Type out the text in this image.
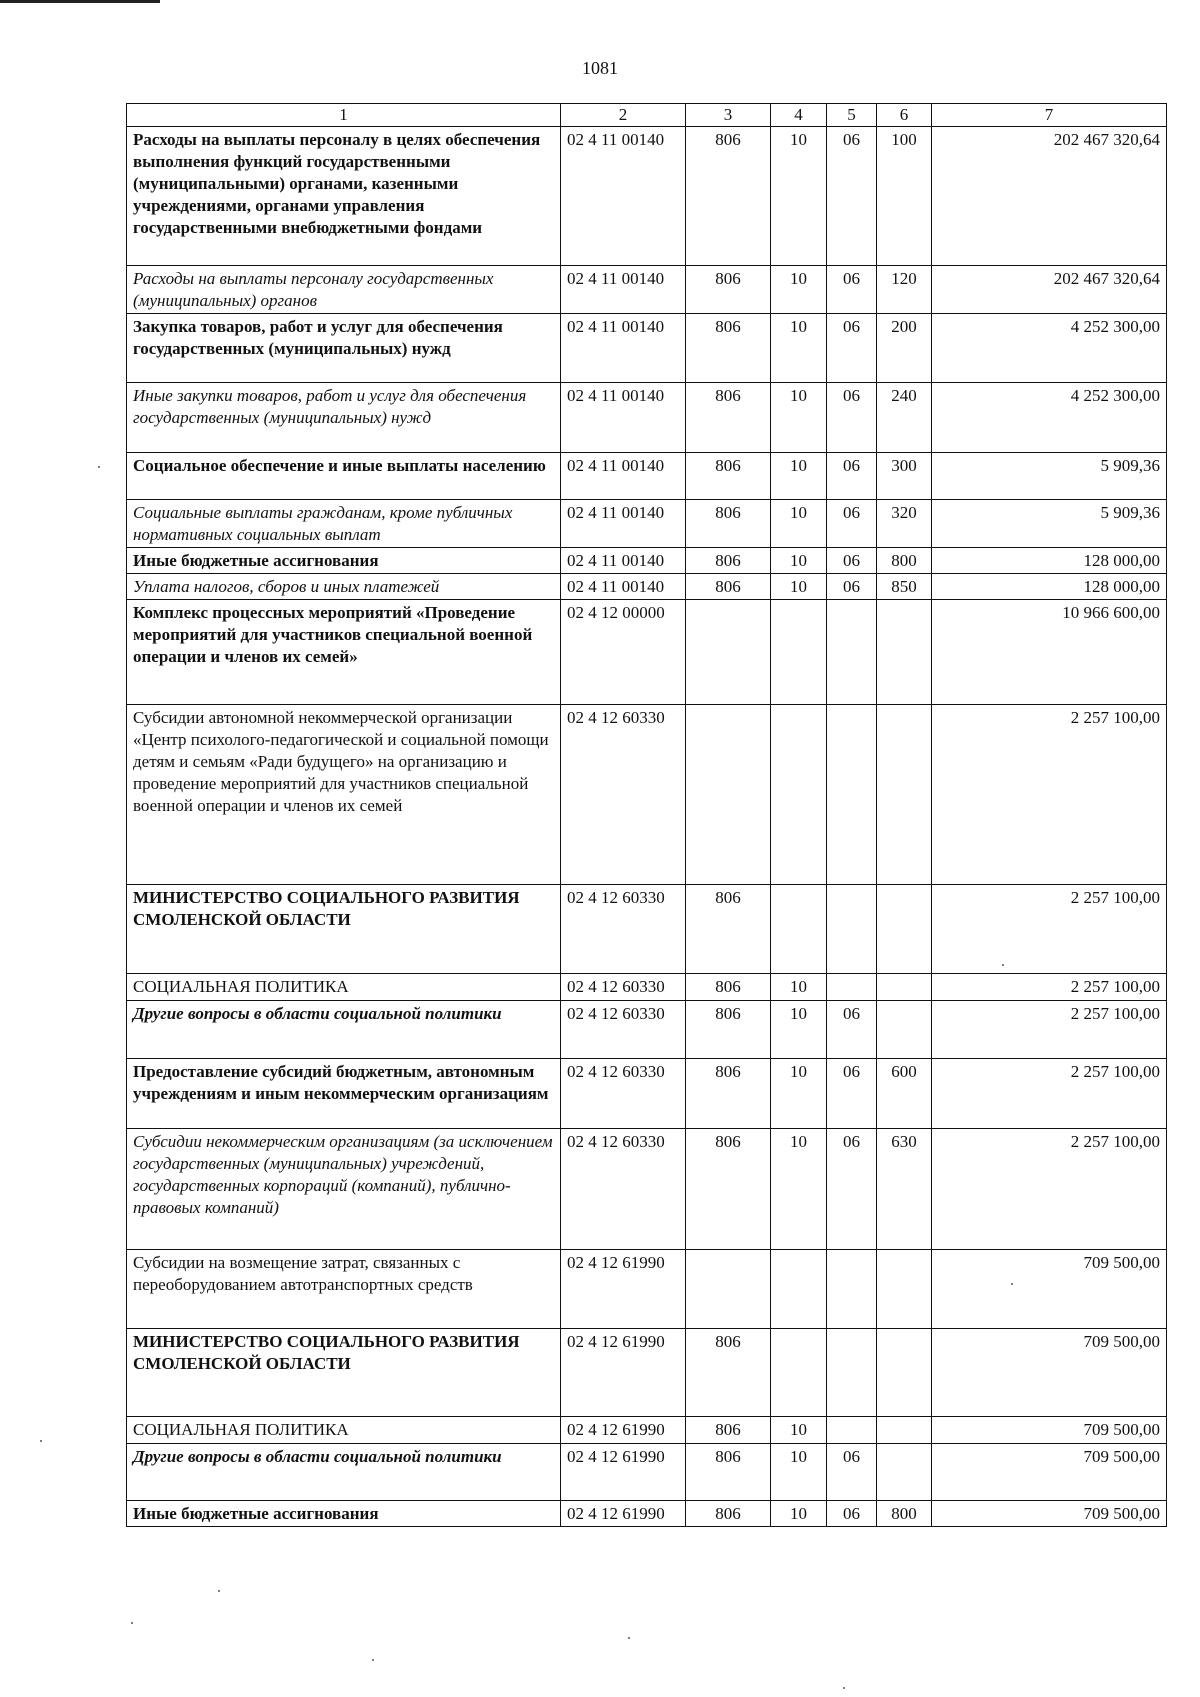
1081
1	2	3	4	5	6	7
Расходы на выплаты персоналу в целях обеспечения выполнения функций государственными (муниципальными) органами, казенными учреждениями, органами управления государственными внебюджетными фондами	02 4 11 00140	806	10	06	100	202 467 320,64
Расходы на выплаты персоналу государственных (муниципальных) органов	02 4 11 00140	806	10	06	120	202 467 320,64
Закупка товаров, работ и услуг для обеспечения государственных (муниципальных) нужд	02 4 11 00140	806	10	06	200	4 252 300,00
Иные закупки товаров, работ и услуг для обеспечения государственных (муниципальных) нужд	02 4 11 00140	806	10	06	240	4 252 300,00
Социальное обеспечение и иные выплаты населению	02 4 11 00140	806	10	06	300	5 909,36
Социальные выплаты гражданам, кроме публичных нормативных социальных выплат	02 4 11 00140	806	10	06	320	5 909,36
Иные бюджетные ассигнования	02 4 11 00140	806	10	06	800	128 000,00
Уплата налогов, сборов и иных платежей	02 4 11 00140	806	10	06	850	128 000,00
Комплекс процессных мероприятий «Проведение мероприятий для участников специальной военной операции и членов их семей»	02 4 12 00000					10 966 600,00
Субсидии автономной некоммерческой организации «Центр психолого-педагогической и социальной помощи детям и семьям «Ради будущего» на организацию и проведение мероприятий для участников специальной военной операции и членов их семей	02 4 12 60330					2 257 100,00
МИНИСТЕРСТВО СОЦИАЛЬНОГО РАЗВИТИЯ СМОЛЕНСКОЙ ОБЛАСТИ	02 4 12 60330	806				2 257 100,00
СОЦИАЛЬНАЯ ПОЛИТИКА	02 4 12 60330	806	10			2 257 100,00
Другие вопросы в области социальной политики	02 4 12 60330	806	10	06		2 257 100,00
Предоставление субсидий бюджетным, автономным учреждениям и иным некоммерческим организациям	02 4 12 60330	806	10	06	600	2 257 100,00
Субсидии некоммерческим организациям (за исключением государственных (муниципальных) учреждений, государственных корпораций (компаний), публично-правовых компаний)	02 4 12 60330	806	10	06	630	2 257 100,00
Субсидии на возмещение затрат, связанных с переоборудованием автотранспортных средств	02 4 12 61990					709 500,00
МИНИСТЕРСТВО СОЦИАЛЬНОГО РАЗВИТИЯ СМОЛЕНСКОЙ ОБЛАСТИ	02 4 12 61990	806				709 500,00
СОЦИАЛЬНАЯ ПОЛИТИКА	02 4 12 61990	806	10			709 500,00
Другие вопросы в области социальной политики	02 4 12 61990	806	10	06		709 500,00
Иные бюджетные ассигнования	02 4 12 61990	806	10	06	800	709 500,00
